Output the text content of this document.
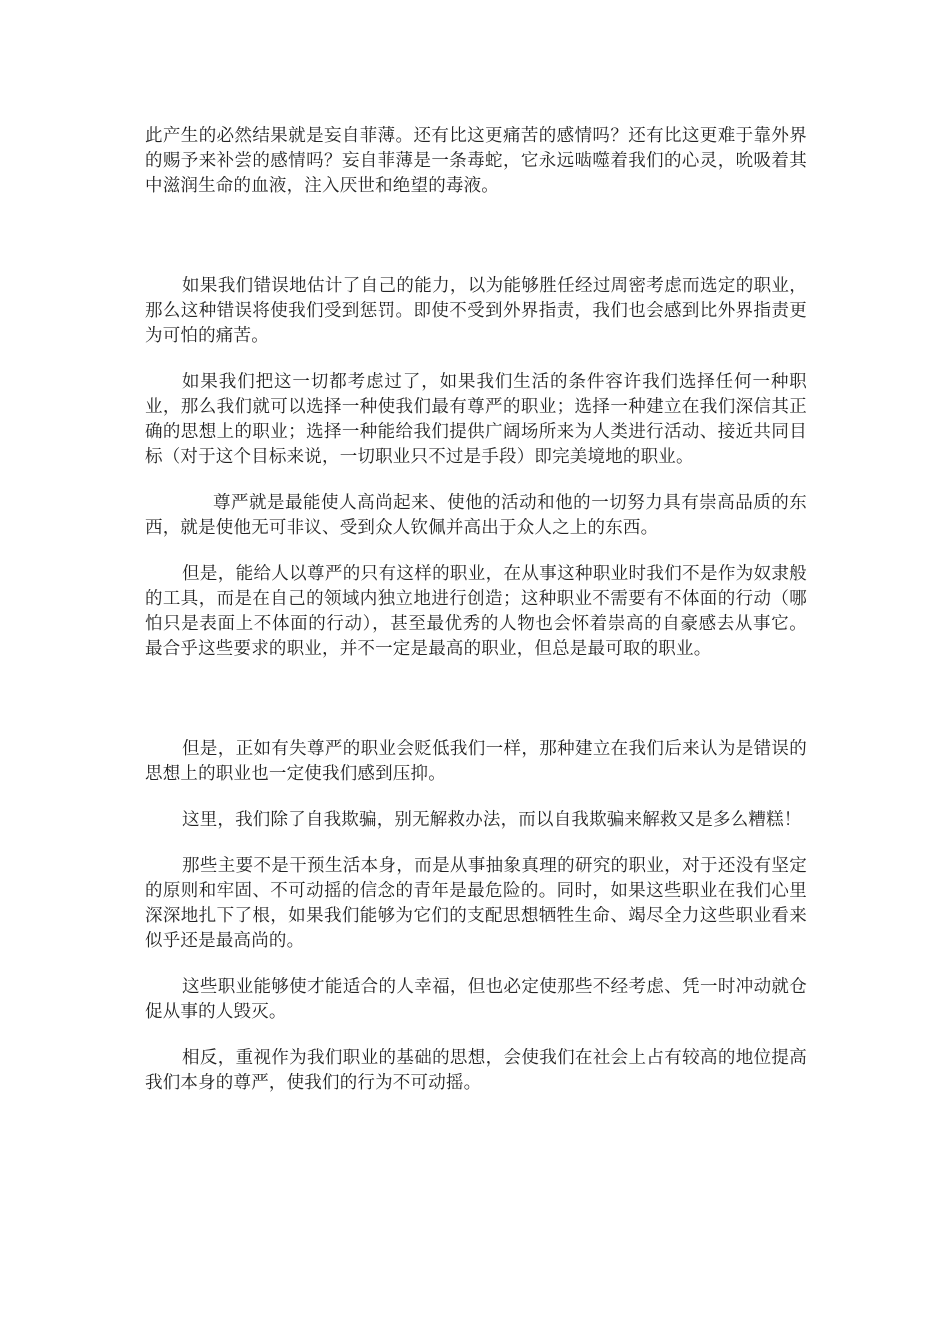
此产生的必然结果就是妄自菲薄。还有比这更痛苦的感情吗？还有比这更难于靠外界的赐予来补尝的感情吗？妄自菲薄是一条毒蛇，它永远啮噬着我们的心灵，吮吸着其中滋润生命的血液，注入厌世和绝望的毒液。

如果我们错误地估计了自己的能力，以为能够胜任经过周密考虑而选定的职业，那么这种错误将使我们受到惩罚。即使不受到外界指责，我们也会感到比外界指责更为可怕的痛苦。

如果我们把这一切都考虑过了，如果我们生活的条件容许我们选择任何一种职业，那么我们就可以选择一种使我们最有尊严的职业；选择一种建立在我们深信其正确的思想上的职业；选择一种能给我们提供广阔场所来为人类进行活动、接近共同目标（对于这个目标来说，一切职业只不过是手段）即完美境地的职业。

尊严就是最能使人高尚起来、使他的活动和他的一切努力具有崇高品质的东西，就是使他无可非议、受到众人钦佩并高出于众人之上的东西。

但是，能给人以尊严的只有这样的职业，在从事这种职业时我们不是作为奴隶般的工具，而是在自己的领域内独立地进行创造；这种职业不需要有不体面的行动（哪怕只是表面上不体面的行动），甚至最优秀的人物也会怀着崇高的自豪感去从事它。最合乎这些要求的职业，并不一定是最高的职业，但总是最可取的职业。

但是，正如有失尊严的职业会贬低我们一样，那种建立在我们后来认为是错误的思想上的职业也一定使我们感到压抑。

这里，我们除了自我欺骗，别无解救办法，而以自我欺骗来解救又是多么糟糕！

那些主要不是干预生活本身，而是从事抽象真理的研究的职业，对于还没有坚定的原则和牢固、不可动摇的信念的青年是最危险的。同时，如果这些职业在我们心里深深地扎下了根，如果我们能够为它们的支配思想牺牲生命、竭尽全力这些职业看来似乎还是最高尚的。

这些职业能够使才能适合的人幸福，但也必定使那些不经考虑、凭一时冲动就仓促从事的人毁灭。

相反，重视作为我们职业的基础的思想，会使我们在社会上占有较高的地位提高我们本身的尊严，使我们的行为不可动摇。
